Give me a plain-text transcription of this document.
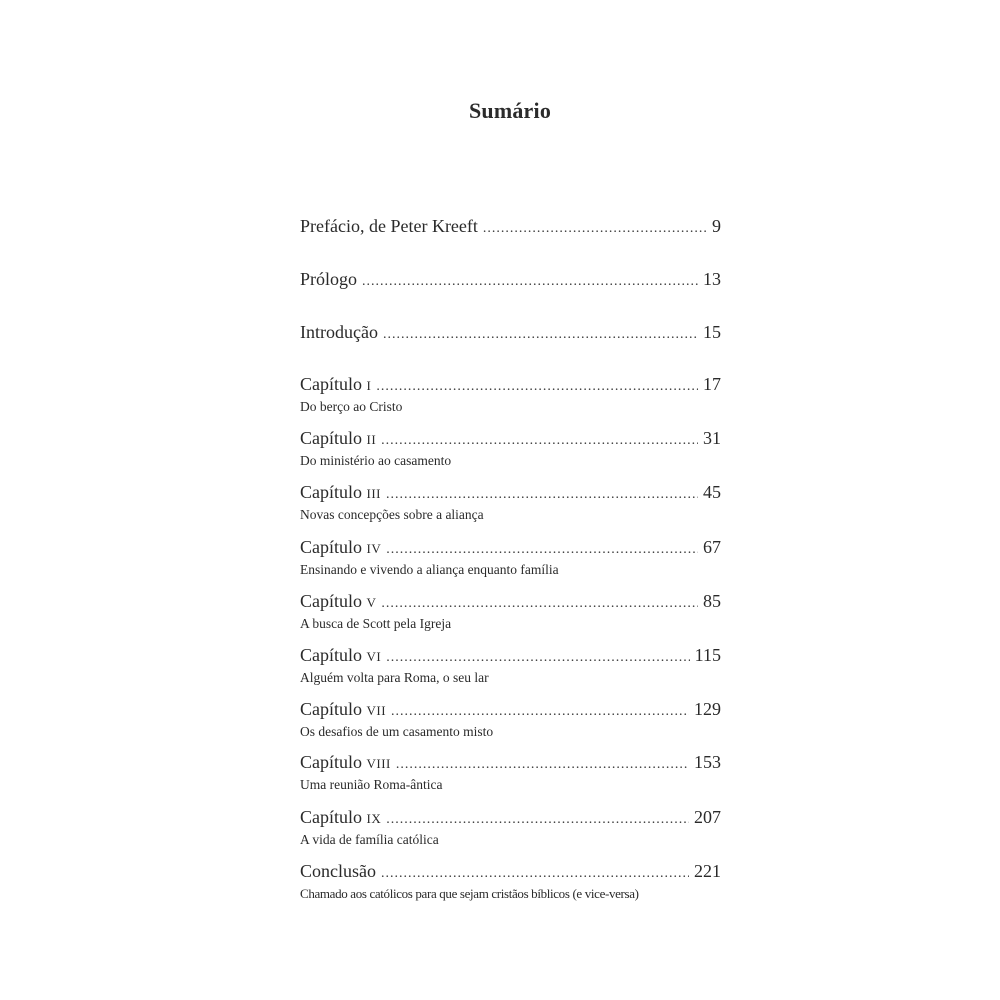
Sumário
Prefácio, de Peter Kreeft .....	9
Prólogo .....	13
Introdução .....	15
Capítulo i .....	17
Do berço ao Cristo
Capítulo ii .....	31
Do ministério ao casamento
Capítulo iii .....	45
Novas concepções sobre a aliança
Capítulo iv .....	67
Ensinando e vivendo a aliança enquanto família
Capítulo v .....	85
A busca de Scott pela Igreja
Capítulo vi .....	115
Alguém volta para Roma, o seu lar
Capítulo vii .....	129
Os desafios de um casamento misto
Capítulo viii .....	153
Uma reunião Roma-ântica
Capítulo ix .....	207
A vida de família católica
Conclusão .....	221
Chamado aos católicos para que sejam cristãos bíblicos (e vice-versa)
